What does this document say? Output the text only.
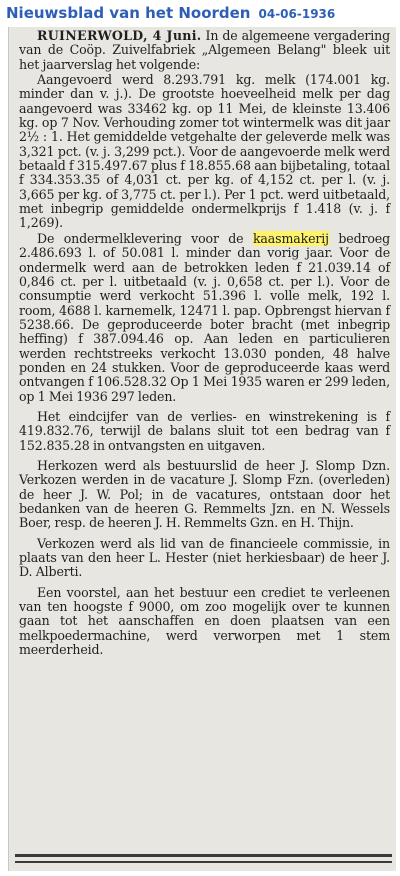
Nieuwsblad van het Noorden 04-06-1936

RUINERWOLD, 4 Juni. In de algemeene vergadering van de Coöp. Zuivelfabriek „Algemeen Belang" bleek uit het jaarverslag het volgende:

Aangevoerd werd 8.293.791 kg. melk (174.001 kg. minder dan v. j.). De grootste hoeveelheid melk per dag aangevoerd was 33462 kg. op 11 Mei, de kleinste 13.406 kg. op 7 Nov. Verhouding zomer tot wintermelk was dit jaar 2½ : 1. Het gemiddelde vetgehalte der geleverde melk was 3,321 pct. (v. j. 3,299 pct.). Voor de aangevoerde melk werd betaald f 315.497.67 plus f 18.855.68 aan bijbetaling, totaal f 334.353.35 of 4,031 ct. per kg. of 4,152 ct. per l. (v. j. 3,665 per kg. of 3,775 ct. per l.). Per 1 pct. werd uitbetaald, met inbegrip gemiddelde ondermelkprijs f 1.418 (v. j. f 1,269).

De ondermelklevering voor de kaasmakerij bedroeg 2.486.693 l. of 50.081 l. minder dan vorig jaar. Voor de ondermelk werd aan de betrokken leden f 21.039.14 of 0,846 ct. per l. uitbetaald (v. j. 0,658 ct. per l.). Voor de consumptie werd verkocht 51.396 l. volle melk, 192 l. room, 4688 l. karnemelk, 12471 l. pap. Opbrengst hiervan f 5238.66. De geproduceerde boter bracht (met inbegrip heffing) f 387.094.46 op. Aan leden en particulieren werden rechtstreeks verkocht 13.030 ponden, 48 halve ponden en 24 stukken. Voor de geproduceerde kaas werd ontvangen f 106.528.32 Op 1 Mei 1935 waren er 299 leden, op 1 Mei 1936 297 leden.

Het eindcijfer van de verlies- en winstrekening is f 419.832.76, terwijl de balans sluit tot een bedrag van f 152.835.28 in ontvangsten en uitgaven.

Herkozen werd als bestuurslid de heer J. Slomp Dzn. Verkozen werden in de vacature J. Slomp Fzn. (overleden) de heer J. W. Pol; in de vacatures, ontstaan door het bedanken van de heeren G. Remmelts Jzn. en N. Wessels Boer, resp. de heeren J. H. Remmelts Gzn. en H. Thijn.

Verkozen werd als lid van de financieele commissie, in plaats van den heer L. Hester (niet herkiesbaar) de heer J. D. Alberti.

Een voorstel, aan het bestuur een crediet te verleenen van ten hoogste f 9000, om zoo mogelijk over te kunnen gaan tot het aanschaffen en doen plaatsen van een melkpoedermachine, werd verworpen met 1 stem meerderheid.
